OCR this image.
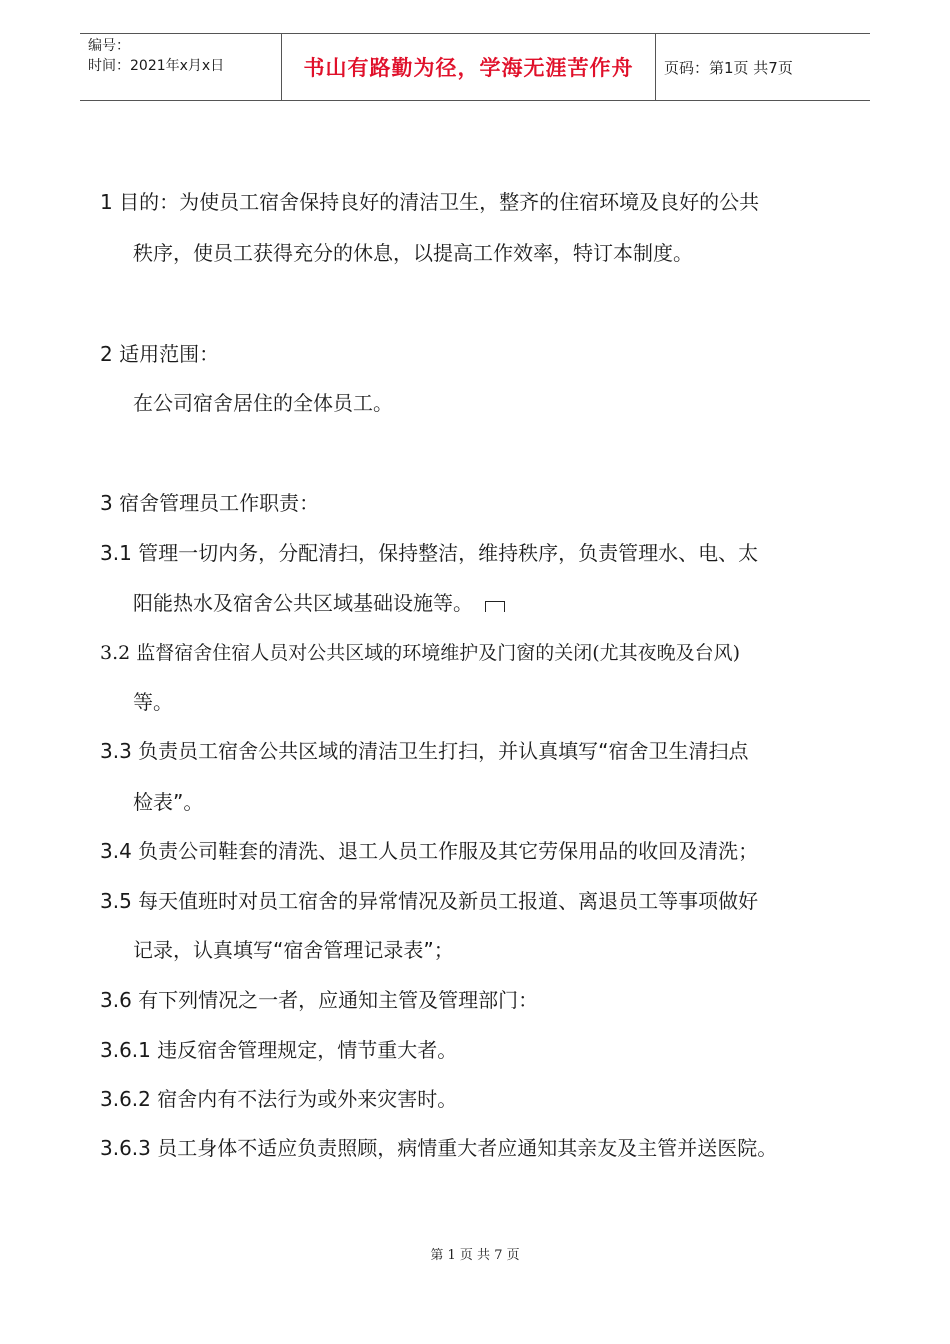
编号：
时间：2021年x月x日	书山有路勤为径，学海无涯苦作舟	页码：第1页 共7页
1 目的：为使员工宿舍保持良好的清洁卫生，整齐的住宿环境及良好的公共
秩序，使员工获得充分的休息，以提高工作效率，特订本制度。
2 适用范围：
在公司宿舍居住的全体员工。
3 宿舍管理员工作职责：
3.1 管理一切内务，分配清扫，保持整洁，维持秩序，负责管理水、电、太
阳能热水及宿舍公共区域基础设施等。
3.2 监督宿舍住宿人员对公共区域的环境维护及门窗的关闭(尤其夜晚及台风)
等。
3.3 负责员工宿舍公共区域的清洁卫生打扫，并认真填写“宿舍卫生清扫点
检表”。
3.4 负责公司鞋套的清洗、退工人员工作服及其它劳保用品的收回及清洗；
3.5 每天值班时对员工宿舍的异常情况及新员工报道、离退员工等事项做好
记录，认真填写“宿舍管理记录表”；
3.6 有下列情况之一者，应通知主管及管理部门：
3.6.1 违反宿舍管理规定，情节重大者。
3.6.2 宿舍内有不法行为或外来灾害时。
3.6.3 员工身体不适应负责照顾，病情重大者应通知其亲友及主管并送医院。
第 1 页 共 7 页
